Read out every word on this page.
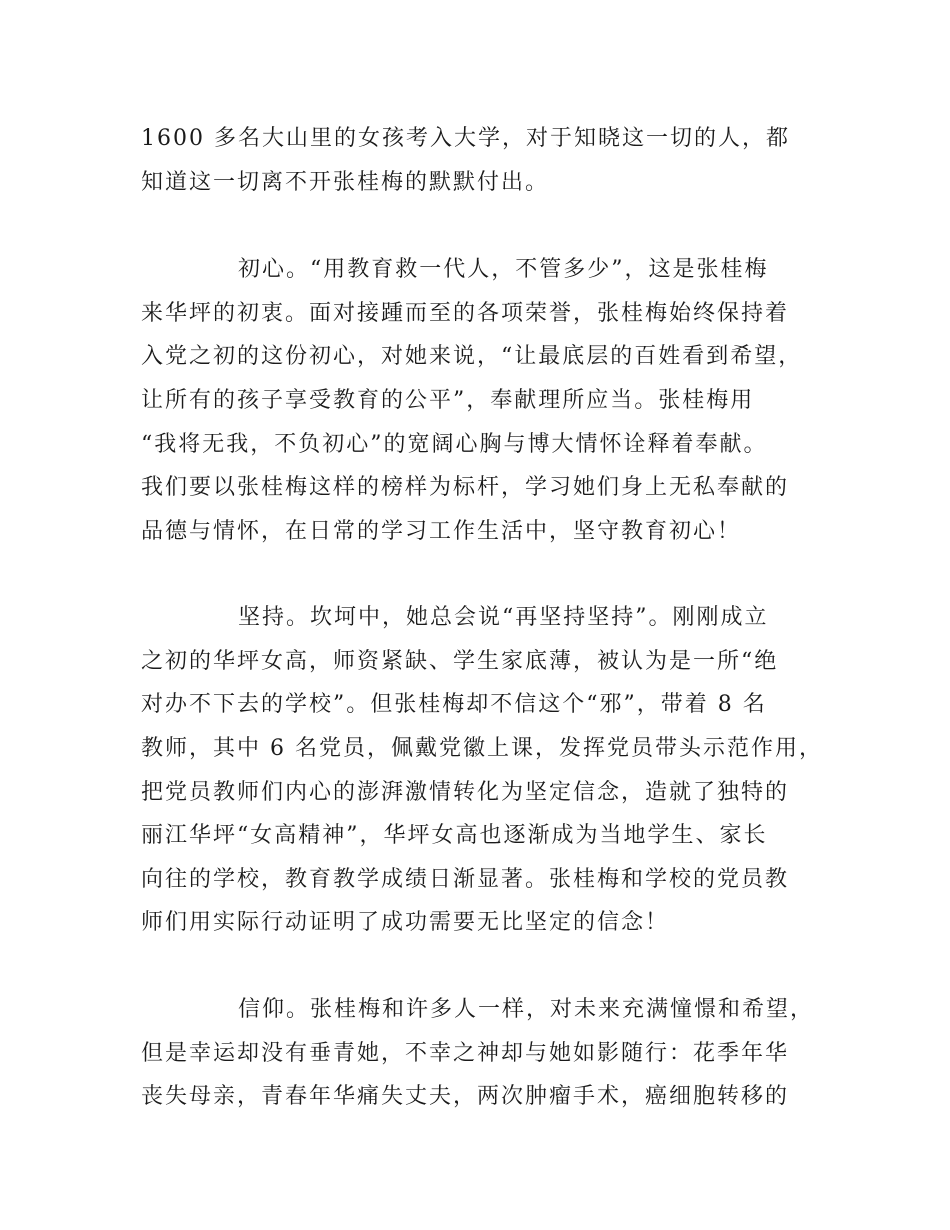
1600 多名大山里的女孩考入大学，对于知晓这一切的人，都
知道这一切离不开张桂梅的默默付出。
初心。“用教育救一代人，不管多少”，这是张桂梅
来华坪的初衷。面对接踵而至的各项荣誉，张桂梅始终保持着
入党之初的这份初心，对她来说，“让最底层的百姓看到希望，
让所有的孩子享受教育的公平”，奉献理所应当。张桂梅用
“我将无我，不负初心”的宽阔心胸与博大情怀诠释着奉献。
我们要以张桂梅这样的榜样为标杆，学习她们身上无私奉献的
品德与情怀，在日常的学习工作生活中，坚守教育初心！
坚持。坎坷中，她总会说“再坚持坚持”。刚刚成立
之初的华坪女高，师资紧缺、学生家底薄，被认为是一所“绝
对办不下去的学校”。但张桂梅却不信这个“邪”，带着 8 名
教师，其中 6 名党员，佩戴党徽上课，发挥党员带头示范作用，
把党员教师们内心的澎湃激情转化为坚定信念，造就了独特的
丽江华坪“女高精神”，华坪女高也逐渐成为当地学生、家长
向往的学校，教育教学成绩日渐显著。张桂梅和学校的党员教
师们用实际行动证明了成功需要无比坚定的信念！
信仰。张桂梅和许多人一样，对未来充满憧憬和希望，
但是幸运却没有垂青她，不幸之神却与她如影随行：花季年华
丧失母亲，青春年华痛失丈夫，两次肿瘤手术，癌细胞转移的
